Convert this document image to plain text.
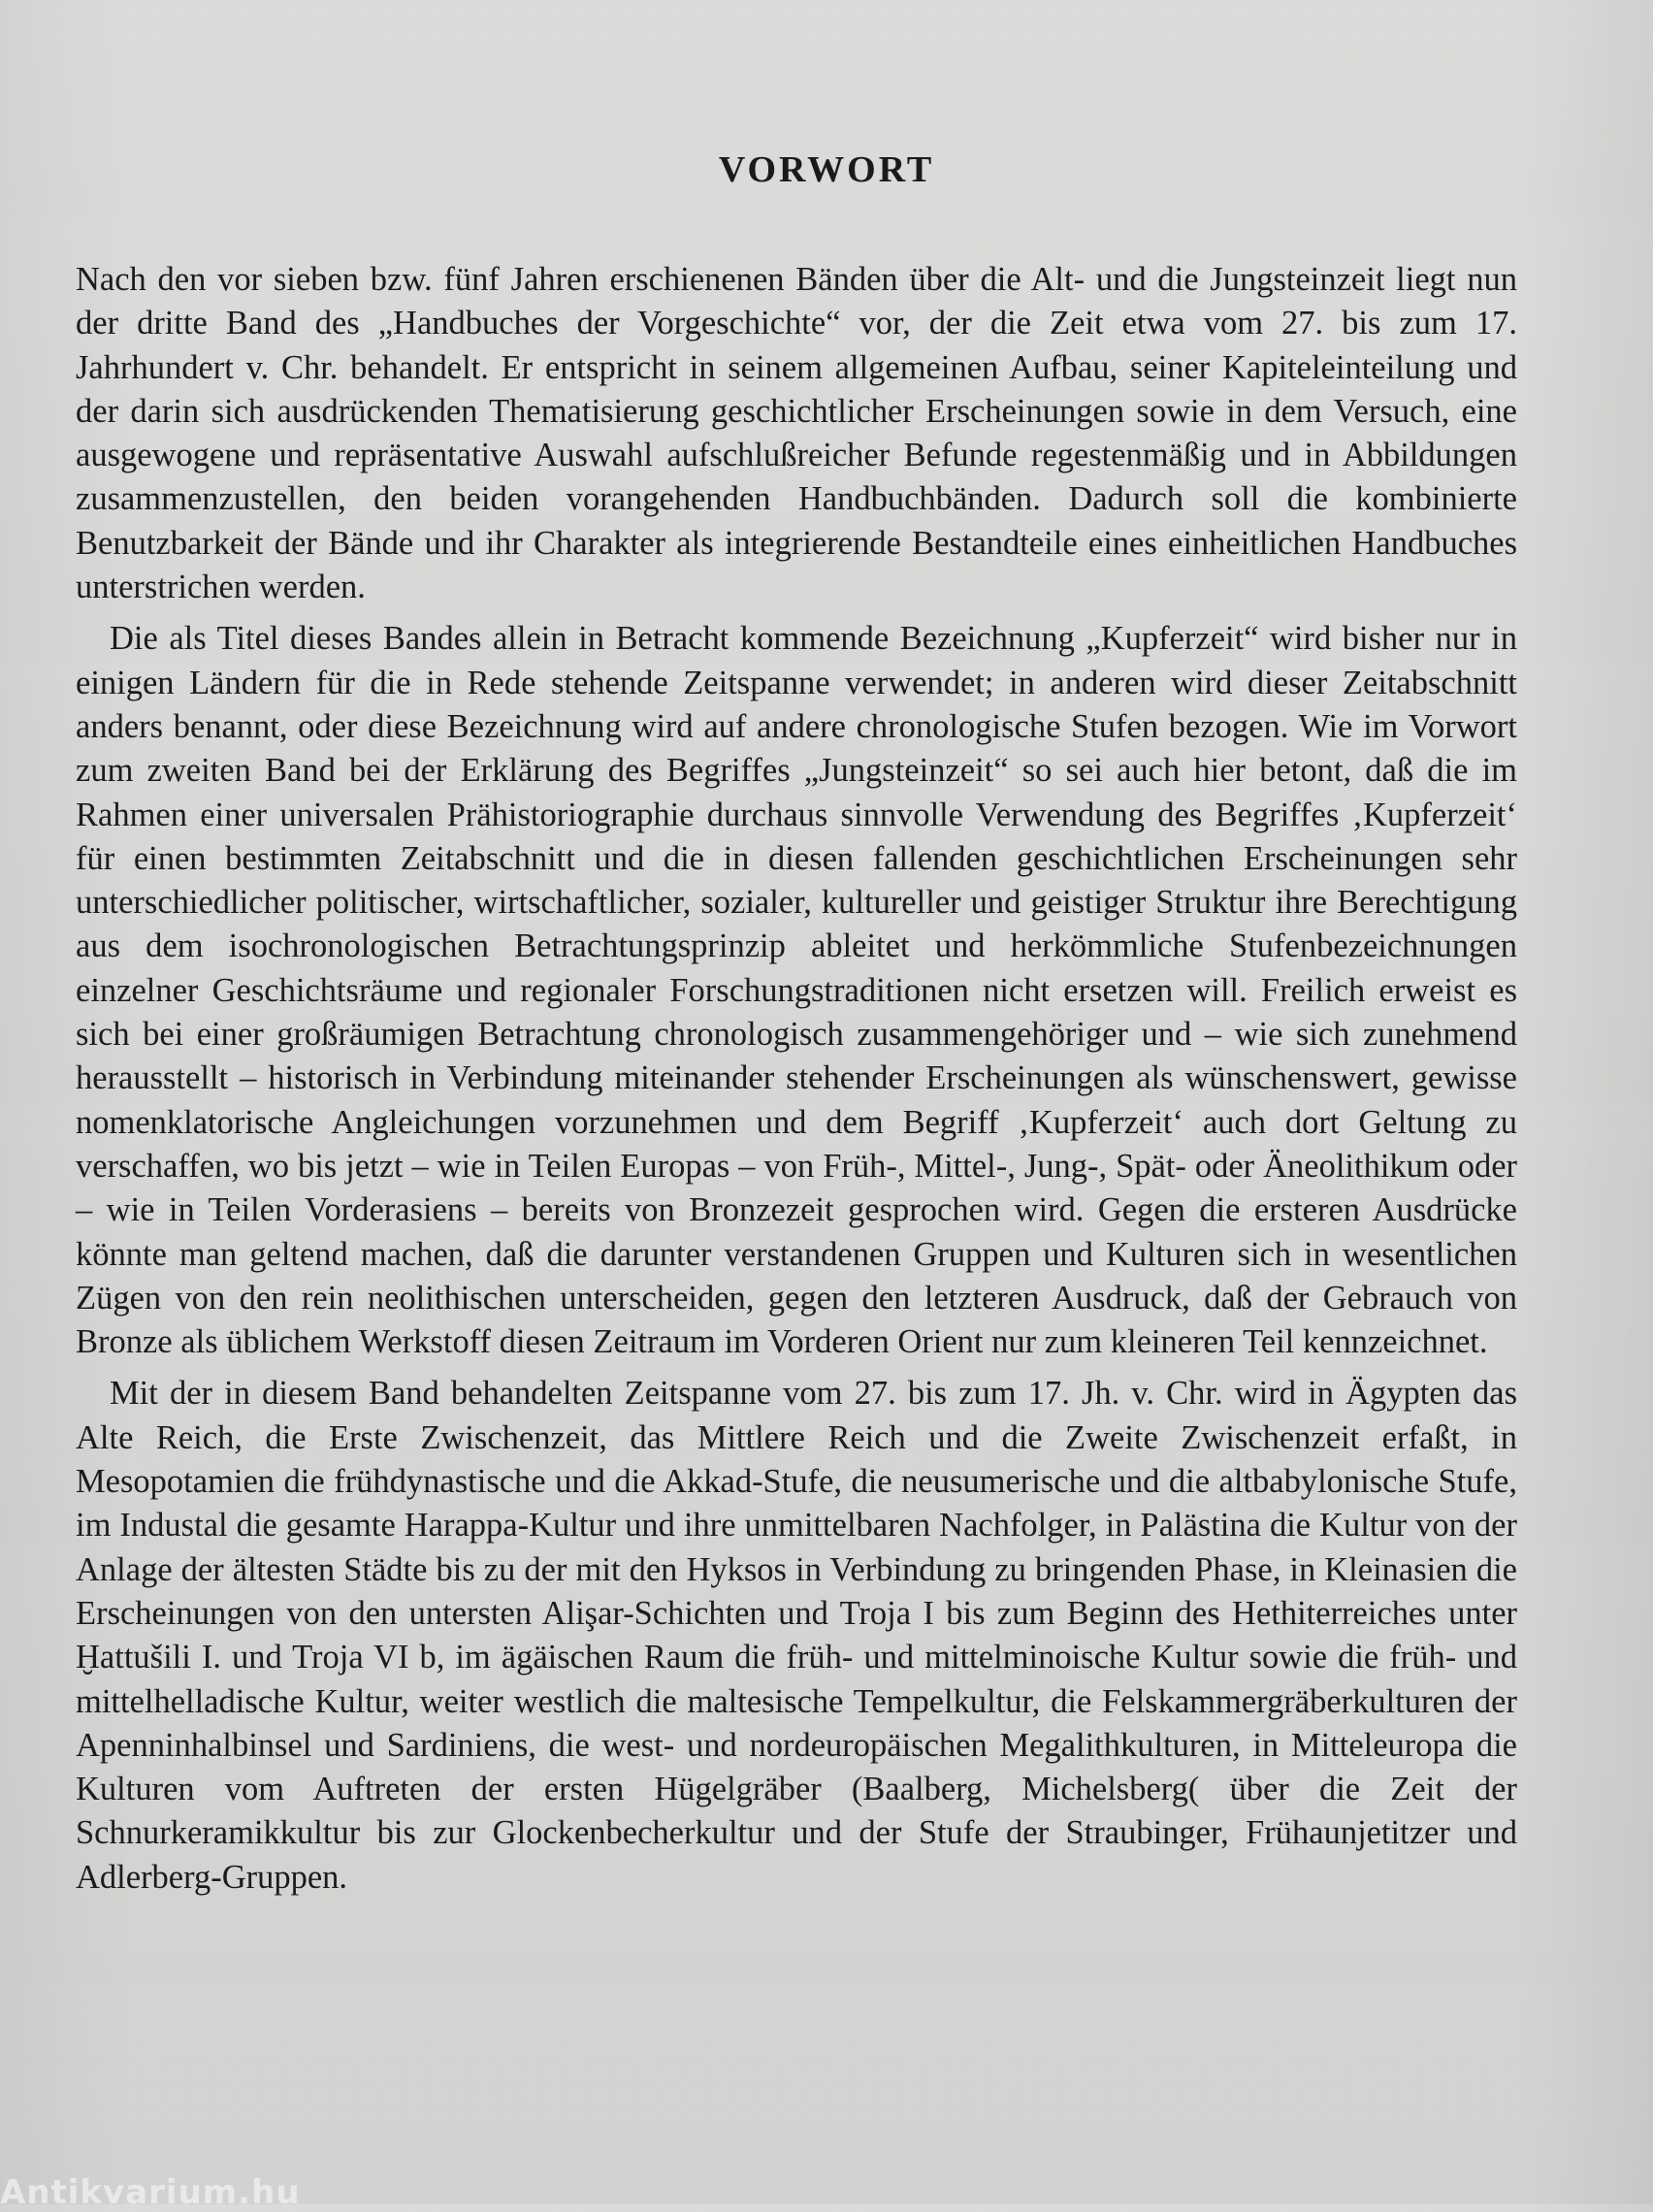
VORWORT

Nach den vor sieben bzw. fünf Jahren erschienenen Bänden über die Alt- und die Jungsteinzeit liegt nun der dritte Band des „Handbuches der Vorgeschichte“ vor, der die Zeit etwa vom 27. bis zum 17. Jahrhundert v. Chr. behandelt. Er entspricht in seinem allgemeinen Aufbau, seiner Kapiteleinteilung und der darin sich ausdrückenden Thematisierung geschichtlicher Erscheinungen sowie in dem Versuch, eine ausgewogene und repräsentative Auswahl aufschlußreicher Befunde regestenmäßig und in Abbildungen zusammenzustellen, den beiden vorangehenden Handbuchbänden. Dadurch soll die kombinierte Benutzbarkeit der Bände und ihr Charakter als integrierende Bestandteile eines einheitlichen Handbuches unterstrichen werden.

Die als Titel dieses Bandes allein in Betracht kommende Bezeichnung „Kupferzeit“ wird bisher nur in einigen Ländern für die in Rede stehende Zeitspanne verwendet; in anderen wird dieser Zeitabschnitt anders benannt, oder diese Bezeichnung wird auf andere chronologische Stufen bezogen. Wie im Vorwort zum zweiten Band bei der Erklärung des Begriffes „Jungsteinzeit“ so sei auch hier betont, daß die im Rahmen einer universalen Prähistoriographie durchaus sinnvolle Verwendung des Begriffes ‚Kupferzeit‘ für einen bestimmten Zeitabschnitt und die in diesen fallenden geschichtlichen Erscheinungen sehr unterschiedlicher politischer, wirtschaftlicher, sozialer, kultureller und geistiger Struktur ihre Berechtigung aus dem isochronologischen Betrachtungsprinzip ableitet und herkömmliche Stufenbezeichnungen einzelner Geschichtsräume und regionaler Forschungstraditionen nicht ersetzen will. Freilich erweist es sich bei einer großräumigen Betrachtung chronologisch zusammengehöriger und – wie sich zunehmend herausstellt – historisch in Verbindung miteinander stehender Erscheinungen als wünschenswert, gewisse nomenklatorische Angleichungen vorzunehmen und dem Begriff ‚Kupferzeit‘ auch dort Geltung zu verschaffen, wo bis jetzt – wie in Teilen Europas – von Früh-, Mittel-, Jung-, Spät- oder Äneolithikum oder – wie in Teilen Vorderasiens – bereits von Bronzezeit gesprochen wird. Gegen die ersteren Ausdrücke könnte man geltend machen, daß die darunter verstandenen Gruppen und Kulturen sich in wesentlichen Zügen von den rein neolithischen unterscheiden, gegen den letzteren Ausdruck, daß der Gebrauch von Bronze als üblichem Werkstoff diesen Zeitraum im Vorderen Orient nur zum kleineren Teil kennzeichnet.

Mit der in diesem Band behandelten Zeitspanne vom 27. bis zum 17. Jh. v. Chr. wird in Ägypten das Alte Reich, die Erste Zwischenzeit, das Mittlere Reich und die Zweite Zwischenzeit erfaßt, in Mesopotamien die frühdynastische und die Akkad-Stufe, die neusumerische und die altbabylonische Stufe, im Industal die gesamte Harappa-Kultur und ihre unmittelbaren Nachfolger, in Palästina die Kultur von der Anlage der ältesten Städte bis zu der mit den Hyksos in Verbindung zu bringenden Phase, in Kleinasien die Erscheinungen von den untersten Alişar-Schichten und Troja I bis zum Beginn des Hethiterreiches unter Ḫattušili I. und Troja VI b, im ägäischen Raum die früh- und mittelminoische Kultur sowie die früh- und mittelhelladische Kultur, weiter westlich die maltesische Tempelkultur, die Felskammergräberkulturen der Apenninhalbinsel und Sardiniens, die west- und nordeuropäischen Megalithkulturen, in Mitteleuropa die Kulturen vom Auftreten der ersten Hügelgräber (Baalberg, Michelsberg( über die Zeit der Schnurkeramikkultur bis zur Glockenbecherkultur und der Stufe der Straubinger, Frühaunjetitzer und Adlerberg-Gruppen.

Antikvarium.hu
